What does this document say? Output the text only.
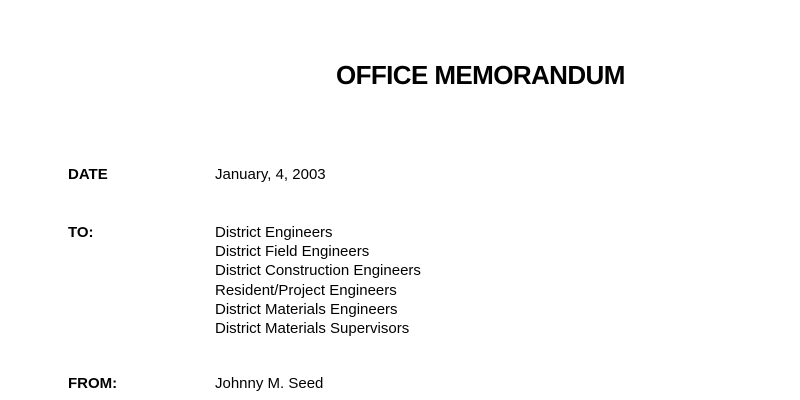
OFFICE MEMORANDUM
DATE	January, 4, 2003
TO:	District Engineers
District Field Engineers
District Construction Engineers
Resident/Project Engineers
District Materials Engineers
District Materials Supervisors
FROM:	Johnny M. Seed
